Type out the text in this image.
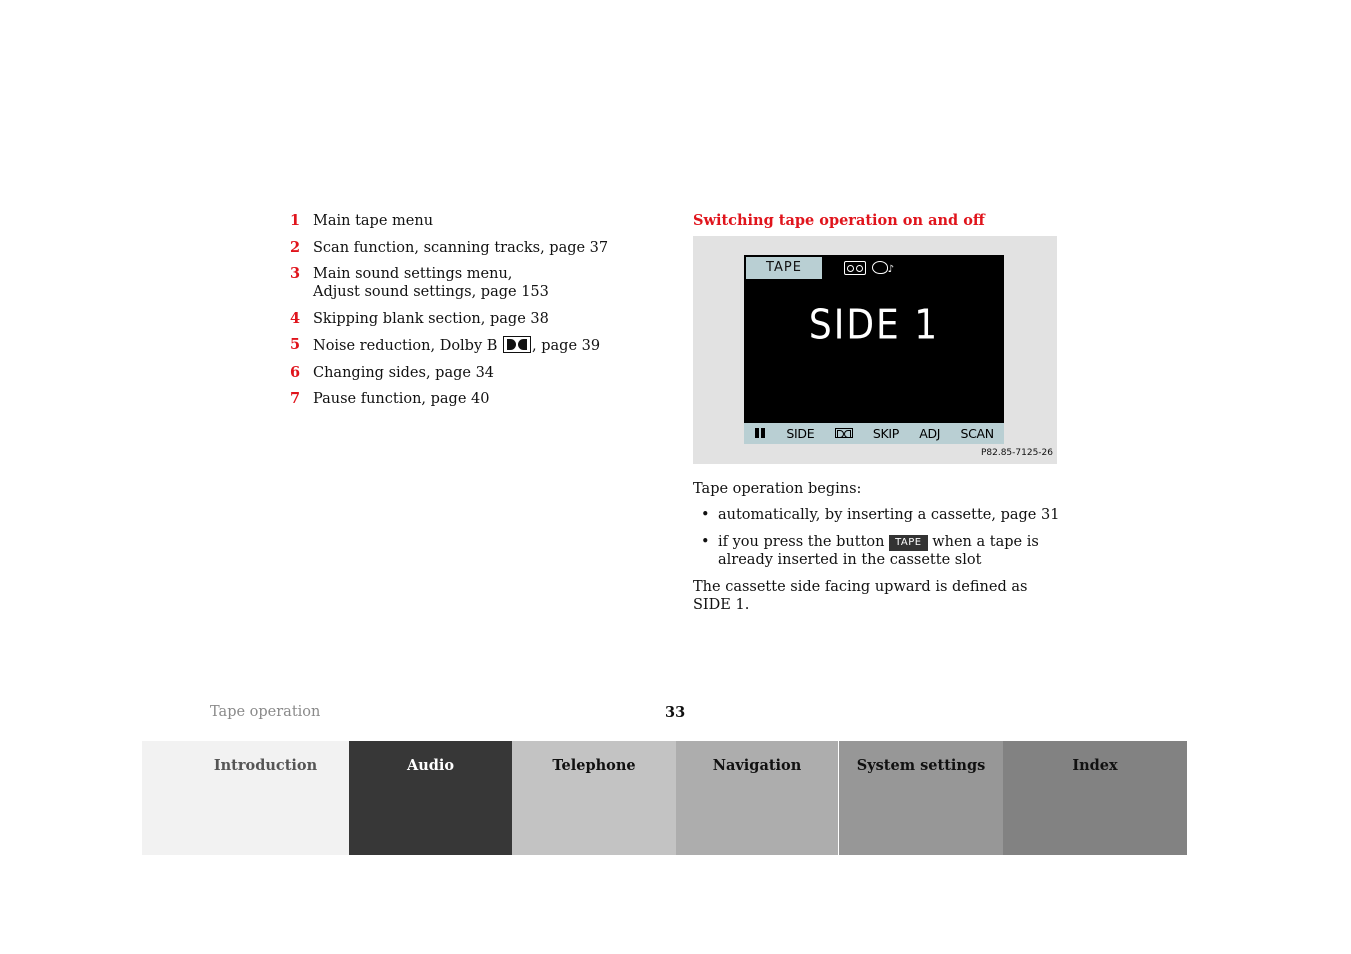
1 Main tape menu
2 Scan function, scanning tracks, page 37
3 Main sound settings menu,
Adjust sound settings, page 153
4 Skipping blank section, page 38
5 Noise reduction, Dolby B , page 39
6 Changing sides, page 34
7 Pause function, page 40
Switching tape operation on and off
TAPE	♪
SIDE 1
SIDE	SKIP ADJ SCAN
P82.85-7125-26

Tape operation begins:

• automatically, by inserting a cassette, page 31
• if you press the button TAPE when a tape is already inserted in the cassette slot

The cassette side facing upward is defined as SIDE 1.

Tape operation	33
Introduction	Audio	Telephone	Navigation	System settings	Index
